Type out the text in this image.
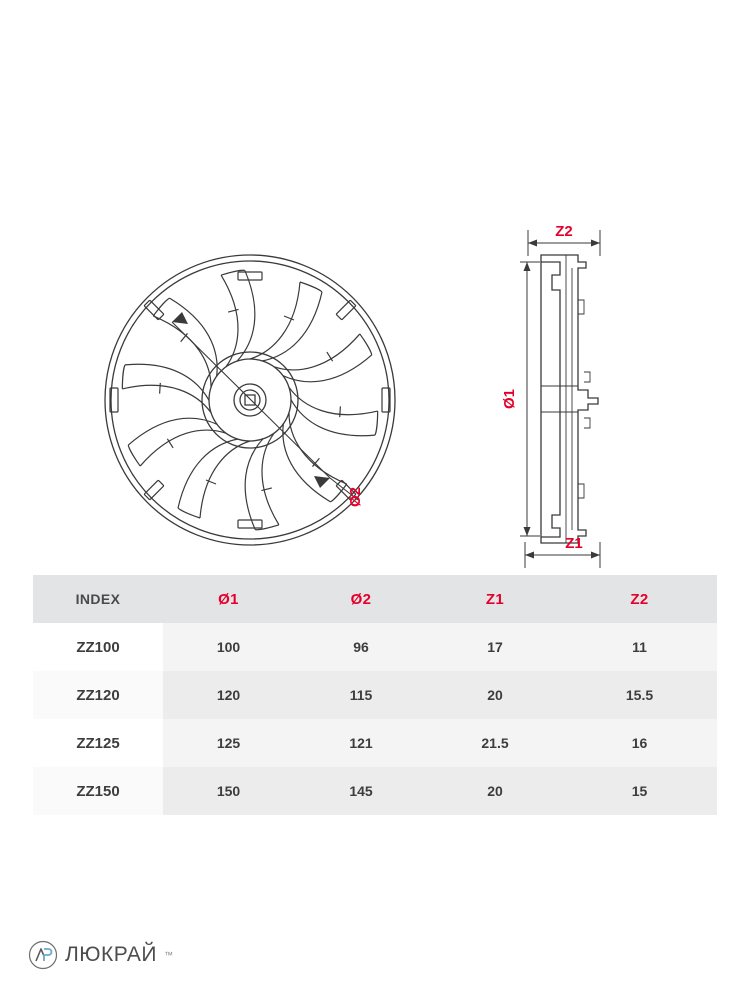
Ø2
Z2
Z1
Ø1
INDEX	Ø1	Ø2	Z1	Z2
ZZ100	100	96	17	11
ZZ120	120	115	20	15.5
ZZ125	125	121	21.5	16
ZZ150	150	145	20	15
ЛЮКРАЙ ™
